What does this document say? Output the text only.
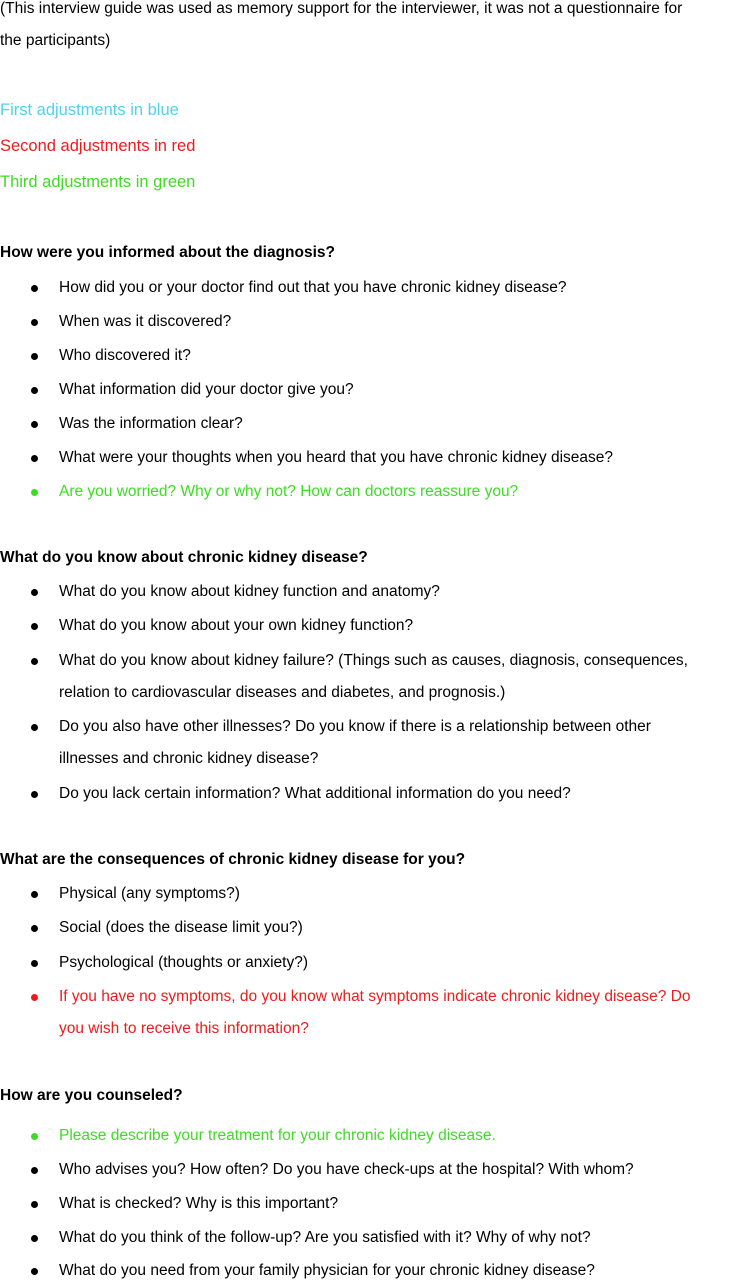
(This interview guide was used as memory support for the interviewer, it was not a questionnaire for
the participants)
First adjustments in blue
Second adjustments in red
Third adjustments in green
How were you informed about the diagnosis?
How did you or your doctor find out that you have chronic kidney disease?
When was it discovered?
Who discovered it?
What information did your doctor give you?
Was the information clear?
What were your thoughts when you heard that you have chronic kidney disease?
Are you worried? Why or why not? How can doctors reassure you?
What do you know about chronic kidney disease?
What do you know about kidney function and anatomy?
What do you know about your own kidney function?
What do you know about kidney failure? (Things such as causes, diagnosis, consequences,
relation to cardiovascular diseases and diabetes, and prognosis.)
Do you also have other illnesses? Do you know if there is a relationship between other
illnesses and chronic kidney disease?
Do you lack certain information? What additional information do you need?
What are the consequences of chronic kidney disease for you?
Physical (any symptoms?)
Social (does the disease limit you?)
Psychological (thoughts or anxiety?)
If you have no symptoms, do you know what symptoms indicate chronic kidney disease? Do
you wish to receive this information?
How are you counseled?
Please describe your treatment for your chronic kidney disease.
Who advises you? How often? Do you have check-ups at the hospital? With whom?
What is checked? Why is this important?
What do you think of the follow-up? Are you satisfied with it? Why of why not?
What do you need from your family physician for your chronic kidney disease?
